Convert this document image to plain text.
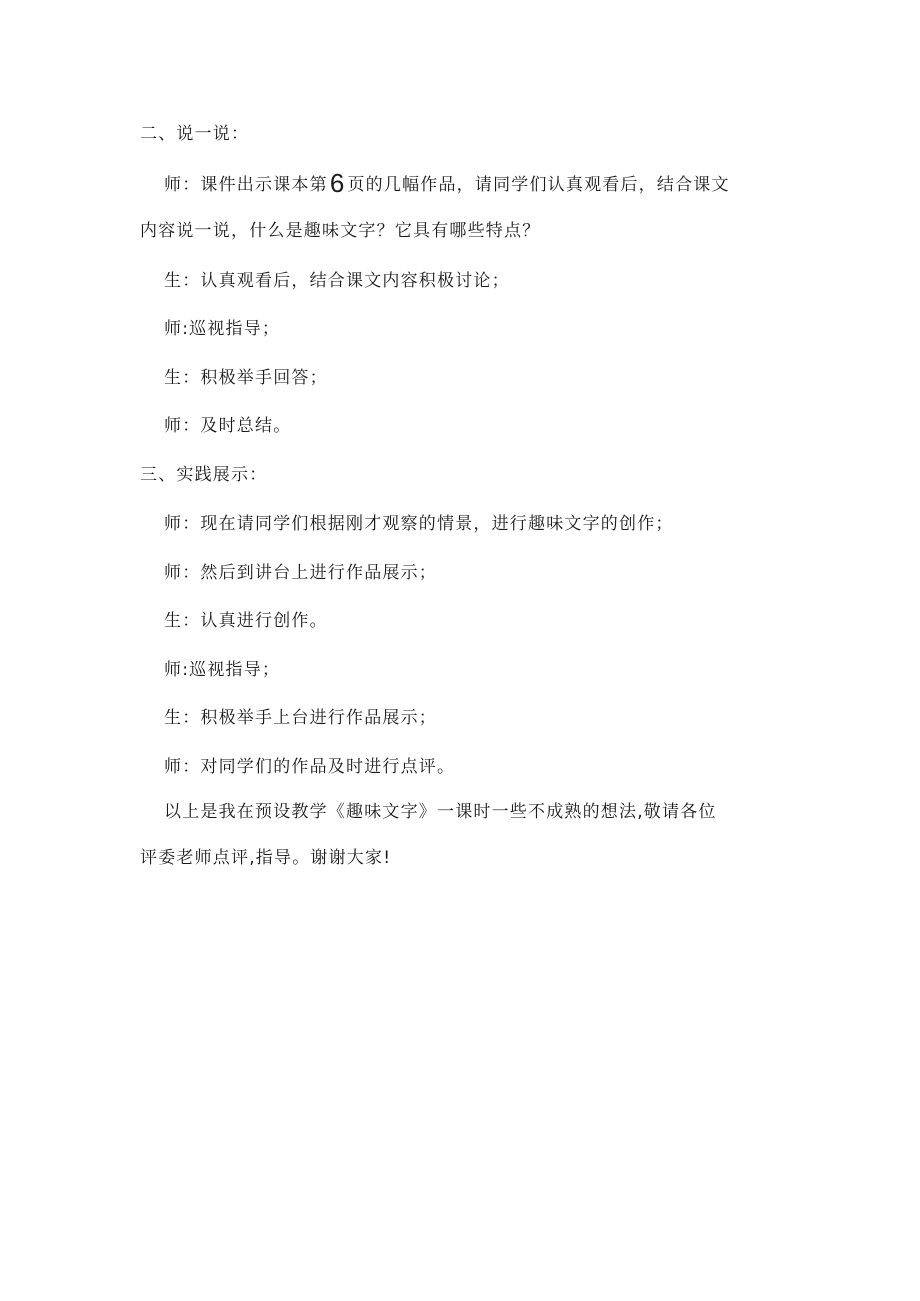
二、说一说：
师：课件出示课本第6 页的几幅作品，请同学们认真观看后，结合课文
内容说一说，什么是趣味文字？它具有哪些特点？
生：认真观看后，结合课文内容积极讨论；
师:巡视指导；
生：积极举手回答；
师：及时总结。
三、实践展示：
师：现在请同学们根据刚才观察的情景，进行趣味文字的创作；
师：然后到讲台上进行作品展示；
生：认真进行创作。
师:巡视指导；
生：积极举手上台进行作品展示；
师：对同学们的作品及时进行点评。
以上是我在预设教学《趣味文字》一课时一些不成熟的想法,敬请各位
评委老师点评,指导。谢谢大家!
